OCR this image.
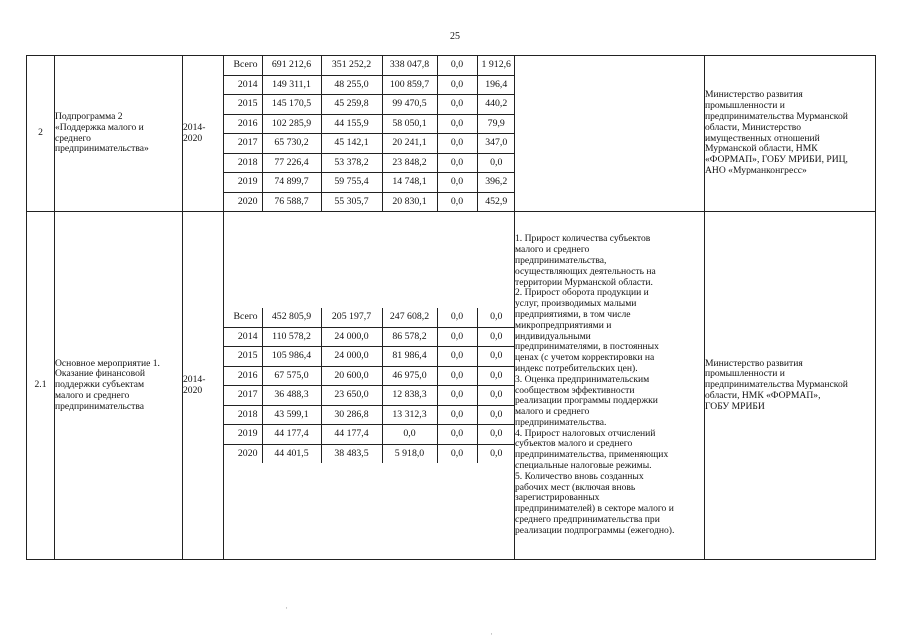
25
2	
Подпрограмма 2
«Поддержка малого и
среднего
предпринимательства»

2014-
2020

Всего	691 212,6	351 252,2	338 047,8	0,0	1 912,6
2014	149 311,1	48 255,0	100 859,7	0,0	196,4
2015	145 170,5	45 259,8	99 470,5	0,0	440,2
2016	102 285,9	44 155,9	58 050,1	0,0	79,9
2017	65 730,2	45 142,1	20 241,1	0,0	347,0
2018	77 226,4	53 378,2	23 848,2	0,0	0,0
2019	74 899,7	59 755,4	14 748,1	0,0	396,2
2020	76 588,7	55 305,7	20 830,1	0,0	452,9

Министерство развития
промышленности и
предпринимательства Мурманской
области, Министерство
имущественных отношений
Мурманской области, НМК
«ФОРМАП», ГОБУ МРИБИ, РИЦ,
АНО «Мурманконгресс»

2.1	
Основное мероприятие 1.
Оказание финансовой
поддержки субъектам
малого и среднего
предпринимательства

2014-
2020

Всего	452 805,9	205 197,7	247 608,2	0,0	0,0
2014	110 578,2	24 000,0	86 578,2	0,0	0,0
2015	105 986,4	24 000,0	81 986,4	0,0	0,0
2016	67 575,0	20 600,0	46 975,0	0,0	0,0
2017	36 488,3	23 650,0	12 838,3	0,0	0,0
2018	43 599,1	30 286,8	13 312,3	0,0	0,0
2019	44 177,4	44 177,4	0,0	0,0	0,0
2020	44 401,5	38 483,5	5 918,0	0,0	0,0

1. Прирост количества субъектов
малого и среднего
предпринимательства,
осуществляющих деятельность на
территории Мурманской области.
2. Прирост оборота продукции и
услуг, производимых малыми
предприятиями, в том числе
микропредприятиями и
индивидуальными
предпринимателями, в постоянных
ценах (с учетом корректировки на
индекс потребительских цен).
3. Оценка предпринимательским
сообществом эффективности
реализации программы поддержки
малого и среднего
предпринимательства.
4. Прирост налоговых отчислений
субъектов малого и среднего
предпринимательства, применяющих
специальные налоговые режимы.
5. Количество вновь созданных
рабочих мест (включая вновь
зарегистрированных
предпринимателей) в секторе малого и
среднего предпринимательства при
реализации подпрограммы (ежегодно).

Министерство развития
промышленности и
предпринимательства Мурманской
области, НМК «ФОРМАП»,
ГОБУ МРИБИ
·
·
